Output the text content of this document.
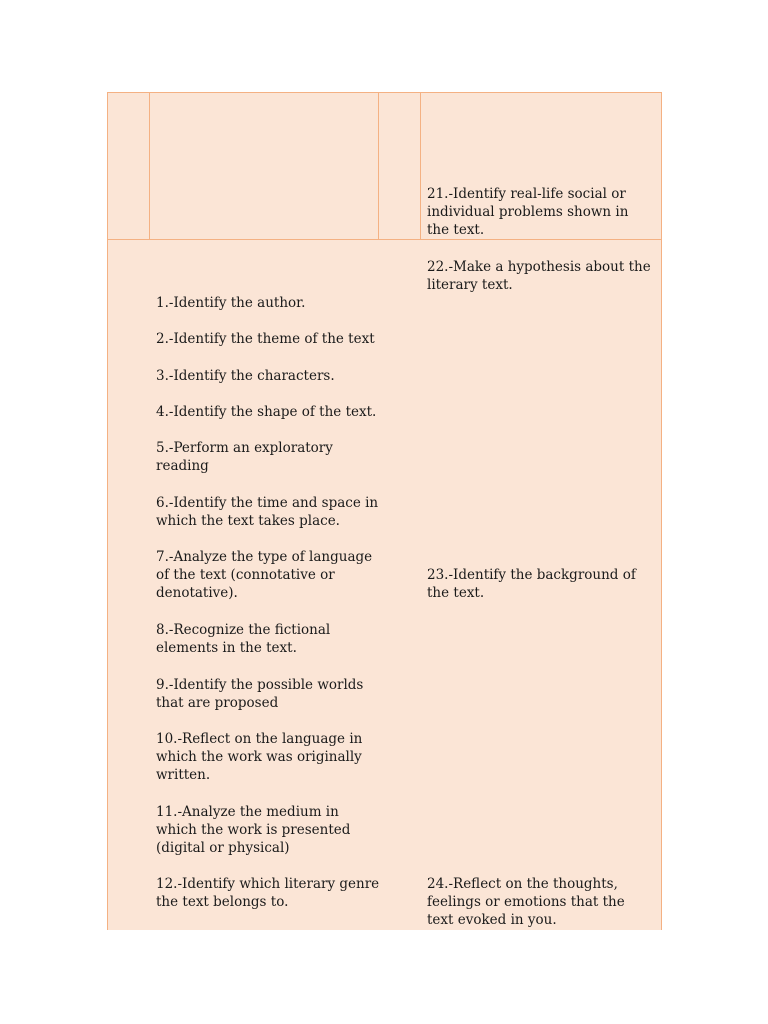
21.-Identify real-life social or individual problems shown in the text.

22.-Make a hypothesis about the literary text.

23.-Identify the background of the text.

24.-Reflect on the thoughts, feelings or emotions that the text evoked in you.

1.-Identify the author.

2.-Identify the theme of the text

3.-Identify the characters.

4.-Identify the shape of the text.

5.-Perform an exploratory reading

6.-Identify the time and space in which the text takes place.

7.-Analyze the type of language of the text (connotative or denotative).

8.-Recognize the fictional elements in the text.

9.-Identify the possible worlds that are proposed

10.-Reflect on the language in which the work was originally written.

11.-Analyze the medium in which the work is presented (digital or physical)

12.-Identify which literary genre the text belongs to.
